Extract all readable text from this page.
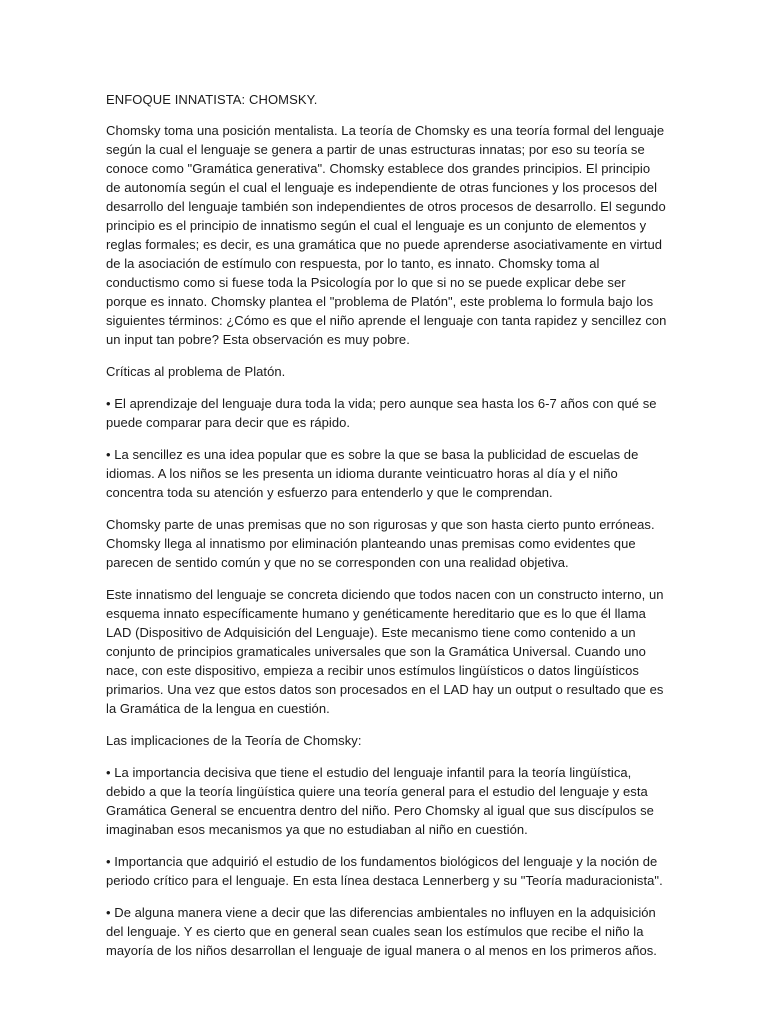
ENFOQUE INNATISTA: CHOMSKY.

Chomsky toma una posición mentalista. La teoría de Chomsky es una teoría formal del lenguaje según la cual el lenguaje se genera a partir de unas estructuras innatas; por eso su teoría se conoce como "Gramática generativa". Chomsky establece dos grandes principios. El principio de autonomía según el cual el lenguaje es independiente de otras funciones y los procesos del desarrollo del lenguaje también son independientes de otros procesos de desarrollo. El segundo principio es el principio de innatismo según el cual el lenguaje es un conjunto de elementos y reglas formales; es decir, es una gramática que no puede aprenderse asociativamente en virtud de la asociación de estímulo con respuesta, por lo tanto, es innato. Chomsky toma al conductismo como si fuese toda la Psicología por lo que si no se puede explicar debe ser porque es innato. Chomsky plantea el "problema de Platón", este problema lo formula bajo los siguientes términos: ¿Cómo es que el niño aprende el lenguaje con tanta rapidez y sencillez con un input tan pobre? Esta observación es muy pobre.

Críticas al problema de Platón.

• El aprendizaje del lenguaje dura toda la vida; pero aunque sea hasta los 6-7 años con qué se puede comparar para decir que es rápido.

• La sencillez es una idea popular que es sobre la que se basa la publicidad de escuelas de idiomas. A los niños se les presenta un idioma durante veinticuatro horas al día y el niño concentra toda su atención y esfuerzo para entenderlo y que le comprendan.

Chomsky parte de unas premisas que no son rigurosas y que son hasta cierto punto erróneas. Chomsky llega al innatismo por eliminación planteando unas premisas como evidentes que parecen de sentido común y que no se corresponden con una realidad objetiva.

Este innatismo del lenguaje se concreta diciendo que todos nacen con un constructo interno, un esquema innato específicamente humano y genéticamente hereditario que es lo que él llama LAD (Dispositivo de Adquisición del Lenguaje). Este mecanismo tiene como contenido a un conjunto de principios gramaticales universales que son la Gramática Universal. Cuando uno nace, con este dispositivo, empieza a recibir unos estímulos lingüísticos o datos lingüísticos primarios. Una vez que estos datos son procesados en el LAD hay un output o resultado que es la Gramática de la lengua en cuestión.

Las implicaciones de la Teoría de Chomsky:

• La importancia decisiva que tiene el estudio del lenguaje infantil para la teoría lingüística, debido a que la teoría lingüística quiere una teoría general para el estudio del lenguaje y esta Gramática General se encuentra dentro del niño. Pero Chomsky al igual que sus discípulos se imaginaban esos mecanismos ya que no estudiaban al niño en cuestión.

• Importancia que adquirió el estudio de los fundamentos biológicos del lenguaje y la noción de periodo crítico para el lenguaje. En esta línea destaca Lennerberg y su "Teoría maduracionista".

• De alguna manera viene a decir que las diferencias ambientales no influyen en la adquisición del lenguaje. Y es cierto que en general sean cuales sean los estímulos que recibe el niño la mayoría de los niños desarrollan el lenguaje de igual manera o al menos en los primeros años.
